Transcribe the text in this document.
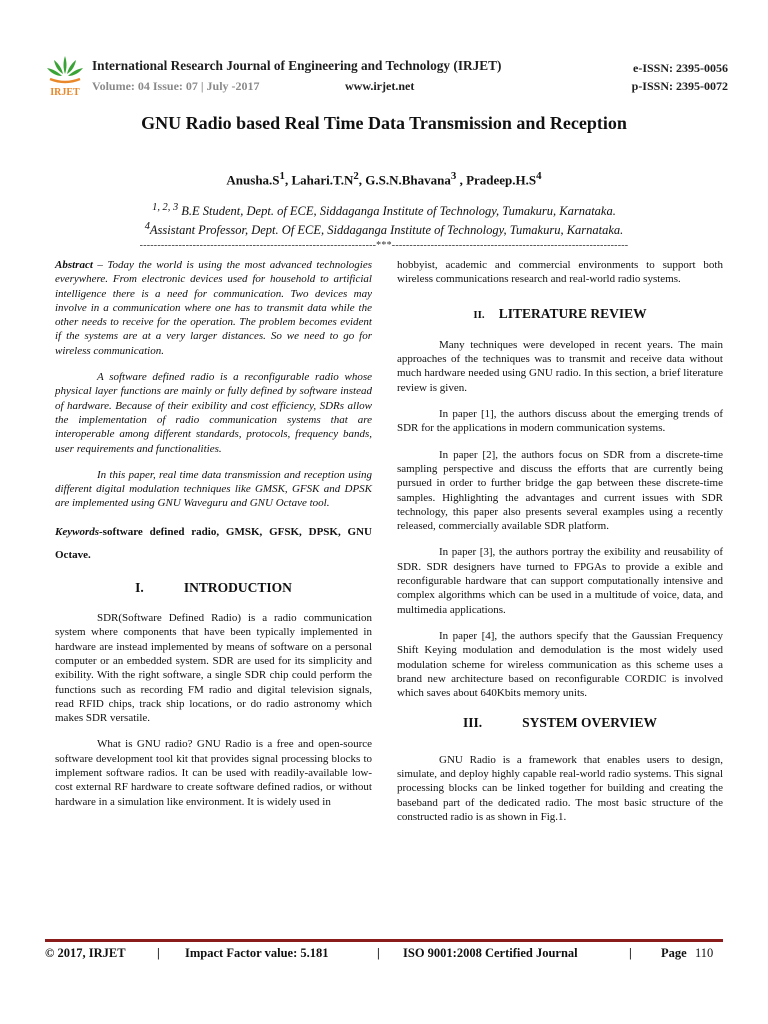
IRJET
International Research Journal of Engineering and Technology (IRJET)
Volume: 04 Issue: 07 | July -2017	www.irjet.net
e-ISSN: 2395-0056
p-ISSN: 2395-0072
GNU Radio based Real Time Data Transmission and Reception
$Anusha.S^1$, $Lahari.T.N^2$, G.S.N.Bhavana$^3$ , $Pradeep.H.S^4$
$^{1, 2, 3}$ B.E Student, Dept. of ECE, Siddaganga Institute of Technology, Tumakuru, Karnataka.
$^4$Assistant Professor, Dept. Of ECE, Siddaganga Institute of Technology, Tumakuru, Karnataka.
-------------------------------------------------------------------***-------------------------------------------------------------------

Abstract – Today the world is using the most advanced technologies everywhere. From electronic devices used for household to artificial intelligence there is a need for communication. Two devices may involve in a communication where one has to transmit data while the other needs to receive for the operation. The problem becomes evident if the systems are at a very larger distances. So we need to go for wireless communication.

A software defined radio is a reconfigurable radio whose physical layer functions are mainly or fully defined by software instead of hardware. Because of their exibility and cost efficiency, SDRs allow the implementation of radio communication systems that are interoperable among different standards, protocols, frequency bands, user requirements and functionalities.

In this paper, real time data transmission and reception using different digital modulation techniques like GMSK, GFSK and DPSK are implemented using GNU Waveguru and GNU Octave tool.

Keywords-software defined radio, GMSK, GFSK, DPSK, GNU Octave.

I.	INTRODUCTION

SDR(Software Defined Radio) is a radio communication system where components that have been typically implemented in hardware are instead implemented by means of software on a personal computer or an embedded system. SDR are used for its simplicity and exibility. With the right software, a single SDR chip could perform the functions such as recording FM radio and digital television signals, read RFID chips, track ship locations, or do radio astronomy which makes SDR versatile.

What is GNU radio? GNU Radio is a free and open-source software development tool kit that provides signal processing blocks to implement software radios. It can be used with readily-available low-cost external RF hardware to create software defined radios, or without hardware in a simulation like environment. It is widely used in

hobbyist, academic and commercial environments to support both wireless communications research and real-world radio systems.

II. LITERATURE REVIEW

Many techniques were developed in recent years. The main approaches of the techniques was to transmit and receive data without much hardware needed using GNU radio. In this section, a brief literature review is given.

In paper [1], the authors discuss about the emerging trends of SDR for the applications in modern communication systems.

In paper [2], the authors focus on SDR from a discrete-time sampling perspective and discuss the efforts that are currently being pursued in order to further bridge the gap between these discrete-time samples. Highlighting the advantages and current issues with SDR technology, this paper also presents several examples using a recently released, commercially available SDR platform.

In paper [3], the authors portray the exibility and reusability of SDR. SDR designers have turned to FPGAs to provide a exible and reconfigurable hardware that can support computationally intensive and complex algorithms which can be used in a multitude of voice, data, and multimedia applications.

In paper [4], the authors specify that the Gaussian Frequency Shift Keying modulation and demodulation is the most widely used modulation scheme for wireless communication as this scheme uses a brand new architecture based on reconfigurable CORDIC is involved which saves about 640Kbits memory units.

III.	SYSTEM OVERVIEW

GNU Radio is a framework that enables users to design, simulate, and deploy highly capable real-world radio systems. This signal processing blocks can be linked together for building and creating the baseband part of the dedicated radio. The most basic structure of the constructed radio is as shown in Fig.1.

© 2017, IRJET	| Impact Factor value: 5.181	| ISO 9001:2008 Certified Journal	| Page 110
